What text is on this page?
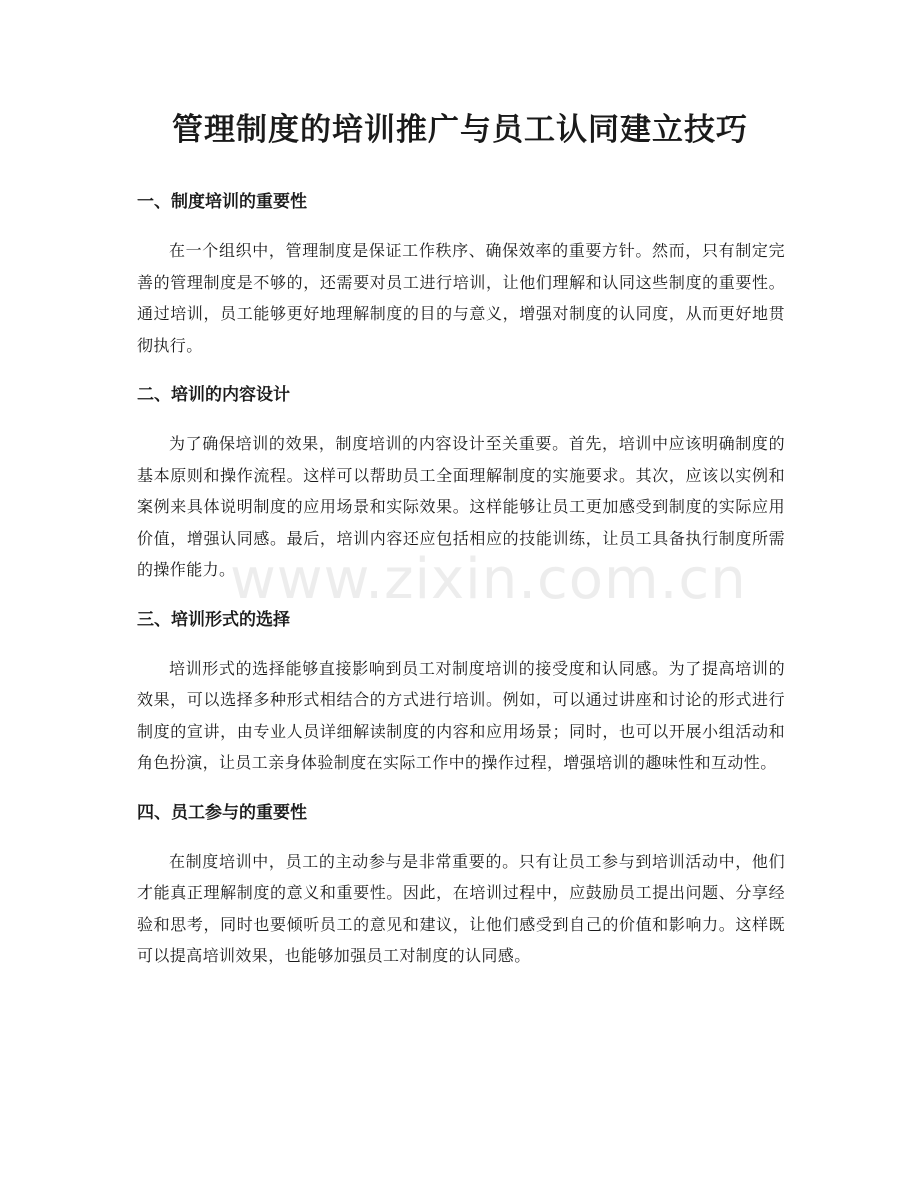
管理制度的培训推广与员工认同建立技巧
一、制度培训的重要性

在一个组织中，管理制度是保证工作秩序、确保效率的重要方针。然而，只有制定完善的管理制度是不够的，还需要对员工进行培训，让他们理解和认同这些制度的重要性。通过培训，员工能够更好地理解制度的目的与意义，增强对制度的认同度，从而更好地贯彻执行。

二、培训的内容设计

为了确保培训的效果，制度培训的内容设计至关重要。首先，培训中应该明确制度的基本原则和操作流程。这样可以帮助员工全面理解制度的实施要求。其次，应该以实例和案例来具体说明制度的应用场景和实际效果。这样能够让员工更加感受到制度的实际应用价值，增强认同感。最后，培训内容还应包括相应的技能训练，让员工具备执行制度所需的操作能力。

三、培训形式的选择

培训形式的选择能够直接影响到员工对制度培训的接受度和认同感。为了提高培训的效果，可以选择多种形式相结合的方式进行培训。例如，可以通过讲座和讨论的形式进行制度的宣讲，由专业人员详细解读制度的内容和应用场景；同时，也可以开展小组活动和角色扮演，让员工亲身体验制度在实际工作中的操作过程，增强培训的趣味性和互动性。

四、员工参与的重要性

在制度培训中，员工的主动参与是非常重要的。只有让员工参与到培训活动中，他们才能真正理解制度的意义和重要性。因此，在培训过程中，应鼓励员工提出问题、分享经验和思考，同时也要倾听员工的意见和建议，让他们感受到自己的价值和影响力。这样既可以提高培训效果，也能够加强员工对制度的认同感。

www.zixin.com.cn
